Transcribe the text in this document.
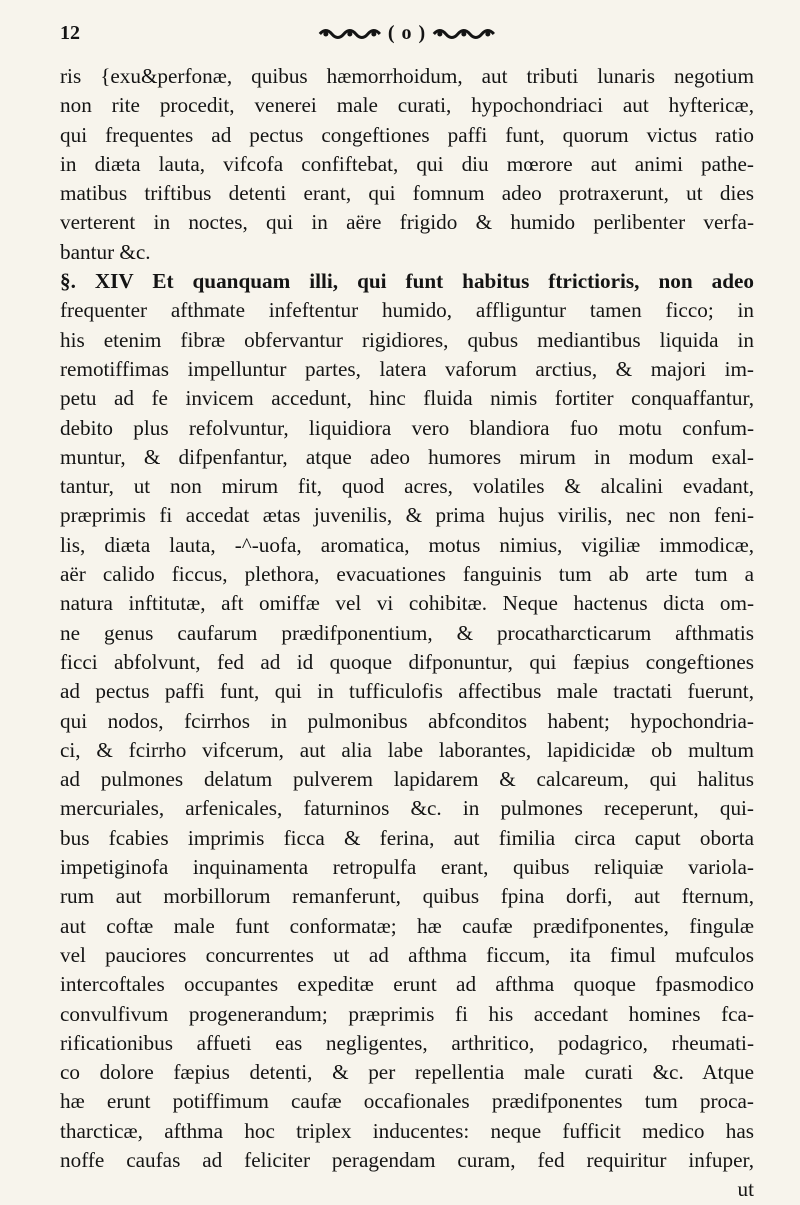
12	( o )
ris {exu&perfonæ, quibus hæmorrhoidum, aut tributi lunaris negotium
non rite procedit, venerei male curati, hypochondriaci aut hyftericæ,
qui frequentes ad pectus congeftiones paffi funt, quorum victus ratio
in diæta lauta, vifcofa confiftebat, qui diu mœrore aut animi pathe-
matibus triftibus detenti erant, qui fomnum adeo protraxerunt, ut dies
verterent in noctes, qui in aëre frigido & humido perlibenter verfa-
bantur &c.
§. XIV Et quanquam illi, qui funt habitus ftrictioris, non adeo
frequenter afthmate infeftentur humido, affliguntur tamen ficco; in
his etenim fibræ obfervantur rigidiores, qubus mediantibus liquida in
remotiffimas impelluntur partes, latera vaforum arctius, & majori im-
petu ad fe invicem accedunt, hinc fluida nimis fortiter conquaffantur,
debito plus refolvuntur, liquidiora vero blandiora fuo motu confum-
muntur, & difpenfantur, atque adeo humores mirum in modum exal-
tantur, ut non mirum fit, quod acres, volatiles & alcalini evadant,
præprimis fi accedat ætas juvenilis, & prima hujus virilis, nec non feni-
lis, diæta lauta, -^-uofa, aromatica, motus nimius, vigiliæ immodicæ,
aër calido ficcus, plethora, evacuationes fanguinis tum ab arte tum a
natura inftitutæ, aft omiffæ vel vi cohibitæ. Neque hactenus dicta om-
ne genus caufarum prædifponentium, & procatharcticarum afthmatis
ficci abfolvunt, fed ad id quoque difponuntur, qui fæpius congeftiones
ad pectus paffi funt, qui in tufficulofis affectibus male tractati fuerunt,
qui nodos, fcirrhos in pulmonibus abfconditos habent; hypochondria-
ci, & fcirrho vifcerum, aut alia labe laborantes, lapidicidæ ob multum
ad pulmones delatum pulverem lapidarem & calcareum, qui halitus
mercuriales, arfenicales, faturninos &c. in pulmones receperunt, qui-
bus fcabies imprimis ficca & ferina, aut fimilia circa caput oborta
impetiginofa inquinamenta retropulfa erant, quibus reliquiæ variola-
rum aut morbillorum remanferunt, quibus fpina dorfi, aut fternum,
aut coftæ male funt conformatæ; hæ caufæ prædifponentes, fingulæ
vel pauciores concurrentes ut ad afthma ficcum, ita fimul mufculos
intercoftales occupantes expeditæ erunt ad afthma quoque fpasmodico
convulfivum progenerandum; præprimis fi his accedant homines fca-
rificationibus affueti eas negligentes, arthritico, podagrico, rheumati-
co dolore fæpius detenti, & per repellentia male curati &c. Atque
hæ erunt potiffimum caufæ occafionales prædifponentes tum proca-
tharcticæ, afthma hoc triplex inducentes: neque fufficit medico has
noffe caufas ad feliciter peragendam curam, fed requiritur infuper,
ut
